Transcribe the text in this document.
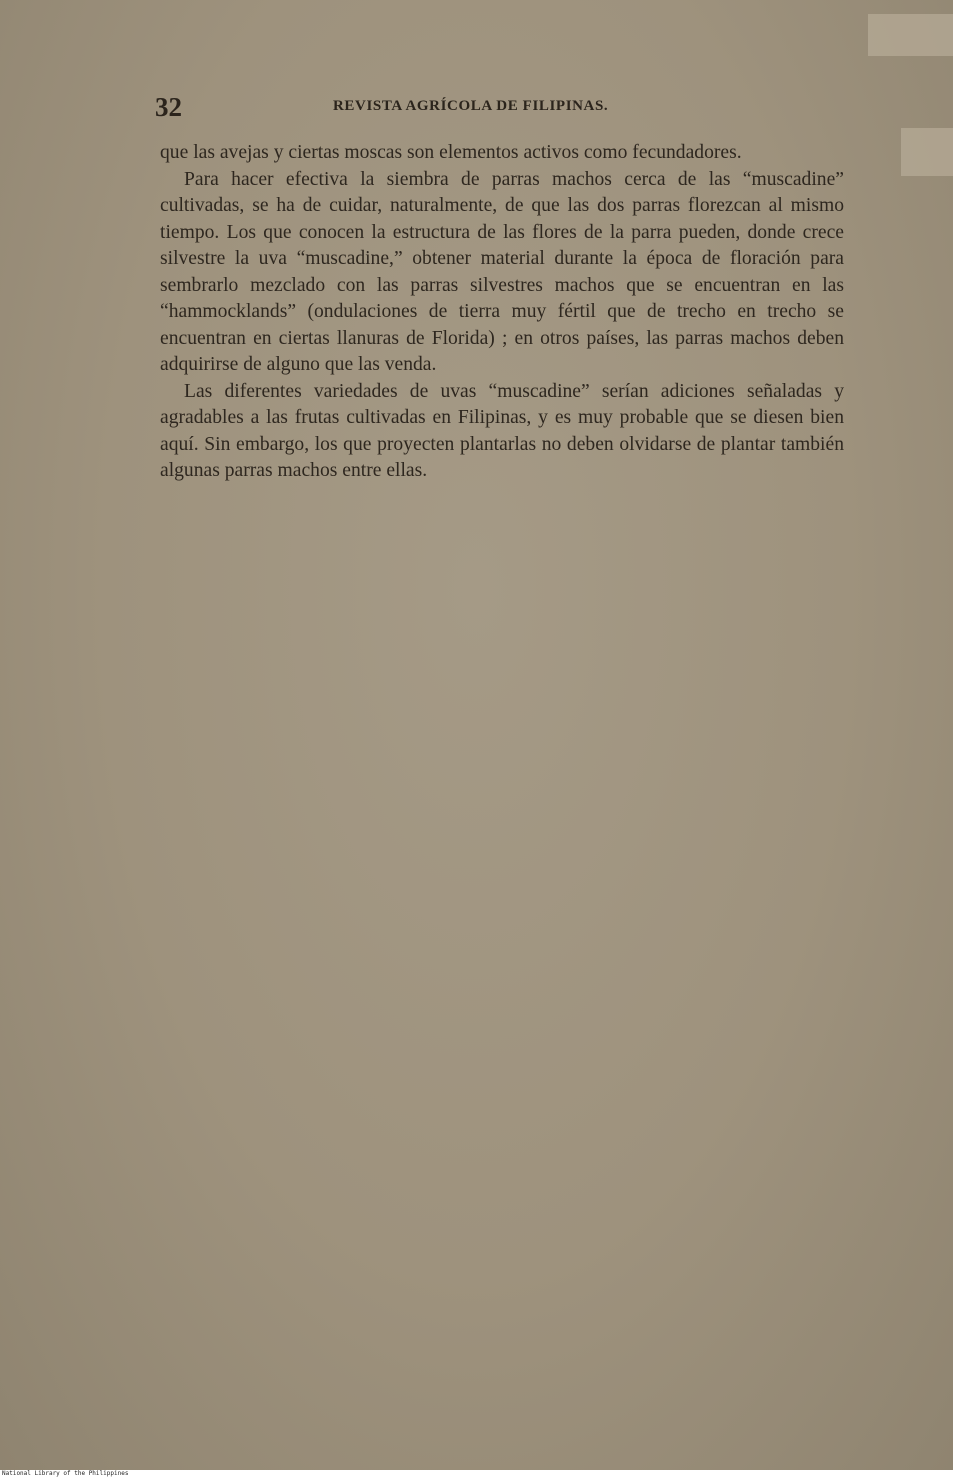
32	REVISTA AGRÍCOLA DE FILIPINAS.

que las avejas y ciertas moscas son elementos activos como fecundadores.

Para hacer efectiva la siembra de parras machos cerca de las “muscadine” cultivadas, se ha de cuidar, naturalmente, de que las dos parras florezcan al mismo tiempo. Los que conocen la estructura de las flores de la parra pueden, donde crece silvestre la uva “muscadine,” obtener material durante la época de floración para sembrarlo mezclado con las parras silvestres machos que se encuentran en las “hammocklands” (ondulaciones de tierra muy fértil que de trecho en trecho se encuentran en ciertas llanuras de Florida) ; en otros países, las parras machos deben adquirirse de alguno que las venda.

Las diferentes variedades de uvas “muscadine” serían adiciones señaladas y agradables a las frutas cultivadas en Filipinas, y es muy probable que se diesen bien aquí. Sin embargo, los que proyecten plantarlas no deben olvidarse de plantar también algunas parras machos entre ellas.

National Library of the Philippines
